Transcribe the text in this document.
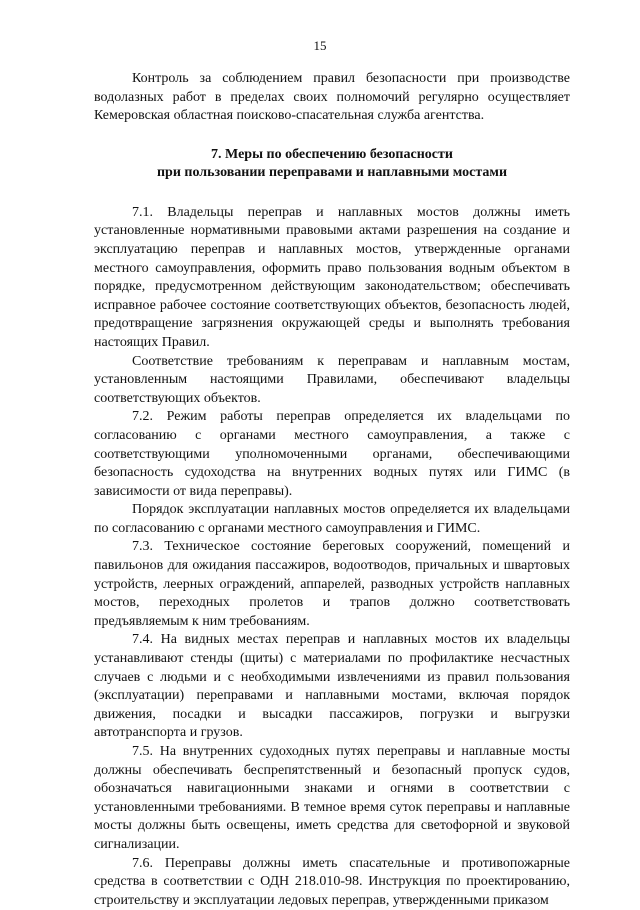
15

Контроль за соблюдением правил безопасности при производстве водолазных работ в пределах своих полномочий регулярно осуществляет Кемеровская областная поисково-спасательная служба агентства.

7. Меры по обеспечению безопасности
при пользовании переправами и наплавными мостами

7.1. Владельцы переправ и наплавных мостов должны иметь установленные нормативными правовыми актами разрешения на создание и эксплуатацию переправ и наплавных мостов, утвержденные органами местного самоуправления, оформить право пользования водным объектом в порядке, предусмотренном действующим законодательством; обеспечивать исправное рабочее состояние соответствующих объектов, безопасность людей, предотвращение загрязнения окружающей среды и выполнять требования настоящих Правил.

Соответствие требованиям к переправам и наплавным мостам, установленным настоящими Правилами, обеспечивают владельцы соответствующих объектов.

7.2. Режим работы переправ определяется их владельцами по согласованию с органами местного самоуправления, а также с соответствующими уполномоченными органами, обеспечивающими безопасность судоходства на внутренних водных путях или ГИМС (в зависимости от вида переправы).

Порядок эксплуатации наплавных мостов определяется их владельцами по согласованию с органами местного самоуправления и ГИМС.

7.3. Техническое состояние береговых сооружений, помещений и павильонов для ожидания пассажиров, водоотводов, причальных и швартовых устройств, леерных ограждений, аппарелей, разводных устройств наплавных мостов, переходных пролетов и трапов должно соответствовать предъявляемым к ним требованиям.

7.4. На видных местах переправ и наплавных мостов их владельцы устанавливают стенды (щиты) с материалами по профилактике несчастных случаев с людьми и с необходимыми извлечениями из правил пользования (эксплуатации) переправами и наплавными мостами, включая порядок движения, посадки и высадки пассажиров, погрузки и выгрузки автотранспорта и грузов.

7.5. На внутренних судоходных путях переправы и наплавные мосты должны обеспечивать беспрепятственный и безопасный пропуск судов, обозначаться навигационными знаками и огнями в соответствии с установленными требованиями. В темное время суток переправы и наплавные мосты должны быть освещены, иметь средства для светофорной и звуковой сигнализации.

7.6. Переправы должны иметь спасательные и противопожарные средства в соответствии с ОДН 218.010-98. Инструкция по проектированию, строительству и эксплуатации ледовых переправ, утвержденными приказом
